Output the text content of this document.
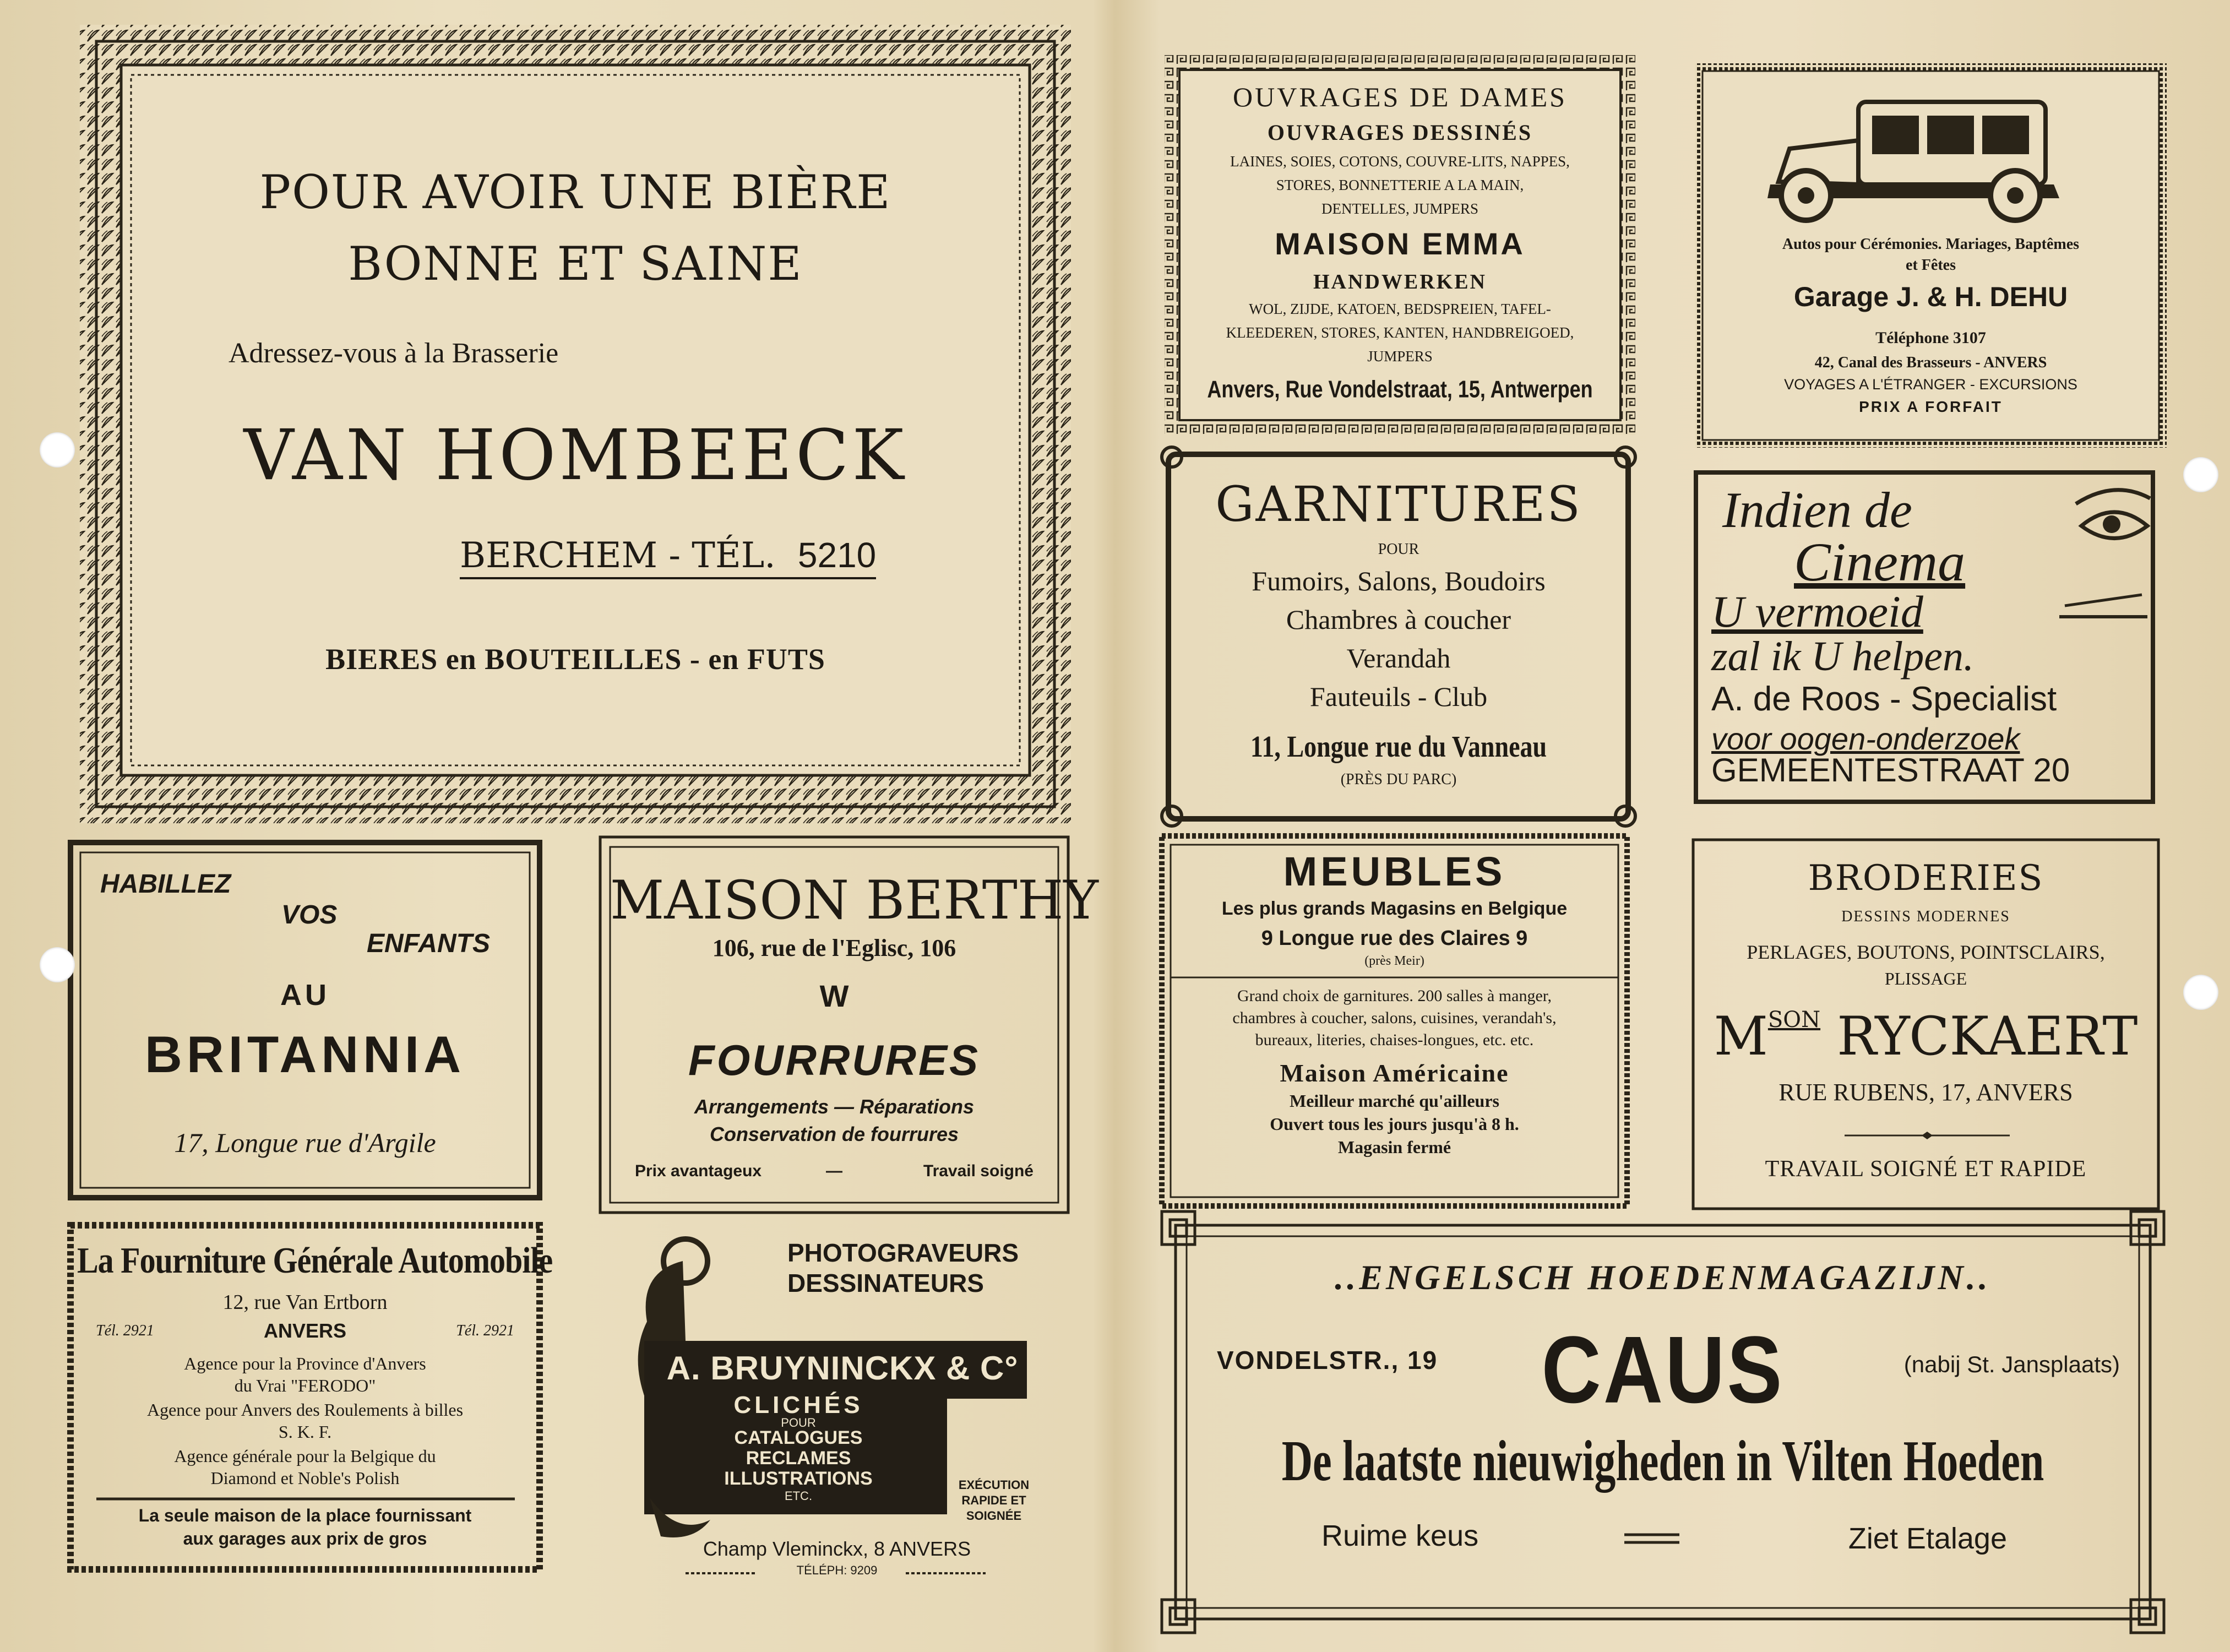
POUR AVOIR UNE BIÈRE
BONNE ET SAINE
Adressez-vous à la Brasserie
VAN HOMBEECK
BERCHEM - TÉL. 5210
BIERES en BOUTEILLES - en FUTS
HABILLEZ
VOS
ENFANTS
AU
BRITANNIA
17, Longue rue d'Argile
MAISON BERTHY
106, rue de l'Eglisc, 106
W
FOURRURES
Arrangements — Réparations
Conservation de fourrures
Prix avantageux	—	Travail soigné
La Fourniture Générale Automobile
12, rue Van Ertborn
Tél. 2921	ANVERS	Tél. 2921
Agence pour la Province d'Anvers
du Vrai "FERODO"
Agence pour Anvers des Roulements à billes
S. K. F.
Agence générale pour la Belgique du
Diamond et Noble's Polish
La seule maison de la place fournissant
aux garages aux prix de gros
PHOTOGRAVEURS
DESSINATEURS
A. BRUYNINCKX & C°
CLICHÉS
POUR
CATALOGUES
RECLAMES
ILLUSTRATIONS
ETC.
EXÉCUTION
RAPIDE ET
SOIGNÉE
Champ Vleminckx, 8 ANVERS
TÉLÉPH: 9209
OUVRAGES DE DAMES
OUVRAGES DESSINÉS
LAINES, SOIES, COTONS, COUVRE-LITS, NAPPES,
STORES, BONNETTERIE A LA MAIN,
DENTELLES, JUMPERS
MAISON EMMA
HANDWERKEN
WOL, ZIJDE, KATOEN, BEDSPREIEN, TAFEL-
KLEEDEREN, STORES, KANTEN, HANDBREIGOED,
JUMPERS
Anvers, Rue Vondelstraat, 15, Antwerpen
Autos pour Cérémonies. Mariages, Baptêmes
et Fêtes
Garage J. & H. DEHU
Téléphone 3107
42, Canal des Brasseurs - ANVERS
VOYAGES A L'ÉTRANGER - EXCURSIONS
PRIX A FORFAIT
GARNITURES
POUR
Fumoirs, Salons, Boudoirs
Chambres à coucher
Verandah
Fauteuils - Club
11, Longue rue du Vanneau
(PRÈS DU PARC)
Indien de
Cinema
U vermoeid
zal ik U helpen.
A. de Roos - Specialist
voor oogen-onderzoek
GEMEENTESTRAAT 20
MEUBLES
Les plus grands Magasins en Belgique
9 Longue rue des Claires 9
(près Meir)
Grand choix de garnitures. 200 salles à manger,
chambres à coucher, salons, cuisines, verandah's,
bureaux, literies, chaises-longues, etc. etc.
Maison Américaine
Meilleur marché qu'ailleurs
Ouvert tous les jours jusqu'à 8 h.
Magasin fermé
BRODERIES
DESSINS MODERNES
PERLAGES, BOUTONS, POINTSCLAIRS,
PLISSAGE
$M^{SON}$ RYCKAERT
RUE RUBENS, 17, ANVERS
TRAVAIL SOIGNÉ ET RAPIDE
..ENGELSCH HOEDENMAGAZIJN..
VONDELSTR., 19	CAUS	(nabij St. Jansplaats)
De laatste nieuwigheden in Vilten Hoeden
Ruime keus	Ziet Etalage
